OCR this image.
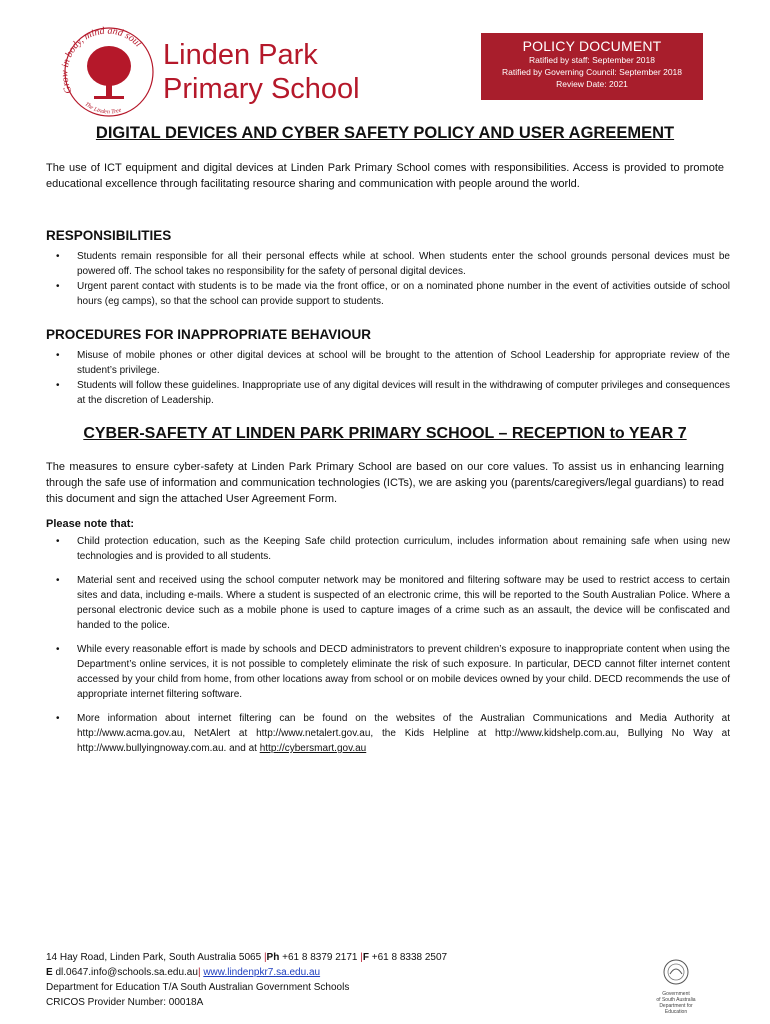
Grow in body, mind and soul
The Linden Tree
Linden Park
Primary School
POLICY DOCUMENT
Ratified by staff: September 2018
Ratified by Governing Council: September 2018
Review Date: 2021
DIGITAL DEVICES AND CYBER SAFETY POLICY AND USER AGREEMENT

The use of ICT equipment and digital devices at Linden Park Primary School comes with responsibilities. Access is provided to promote educational excellence through facilitating resource sharing and communication with people around the world.

RESPONSIBILITIES
• Students remain responsible for all their personal effects while at school. When students enter the school grounds personal devices must be powered off. The school takes no responsibility for the safety of personal digital devices.
• Urgent parent contact with students is to be made via the front office, or on a nominated phone number in the event of activities outside of school hours (eg camps), so that the school can provide support to students.
PROCEDURES FOR INAPPROPRIATE BEHAVIOUR
• Misuse of mobile phones or other digital devices at school will be brought to the attention of School Leadership for appropriate review of the student’s privilege.
• Students will follow these guidelines. Inappropriate use of any digital devices will result in the withdrawing of computer privileges and consequences at the discretion of Leadership.
CYBER-SAFETY AT LINDEN PARK PRIMARY SCHOOL – RECEPTION to YEAR 7

The measures to ensure cyber-safety at Linden Park Primary School are based on our core values. To assist us in enhancing learning through the safe use of information and communication technologies (ICTs), we are asking you (parents/caregivers/legal guardians) to read this document and sign the attached User Agreement Form.

Please note that:

• Child protection education, such as the Keeping Safe child protection curriculum, includes information about remaining safe when using new technologies and is provided to all students.
• Material sent and received using the school computer network may be monitored and filtering software may be used to restrict access to certain sites and data, including e-mails. Where a student is suspected of an electronic crime, this will be reported to the South Australian Police. Where a personal electronic device such as a mobile phone is used to capture images of a crime such as an assault, the device will be confiscated and handed to the police.
• While every reasonable effort is made by schools and DECD administrators to prevent children’s exposure to inappropriate content when using the Department’s online services, it is not possible to completely eliminate the risk of such exposure. In particular, DECD cannot filter internet content accessed by your child from home, from other locations away from school or on mobile devices owned by your child. DECD recommends the use of appropriate internet filtering software.
• More information about internet filtering can be found on the websites of the Australian Communications and Media Authority at http://www.acma.gov.au, NetAlert at http://www.netalert.gov.au, the Kids Helpline at http://www.kidshelp.com.au, Bullying No Way at http://www.bullyingnoway.com.au. and at http://cybersmart.gov.au
14 Hay Road, Linden Park, South Australia 5065 |Ph +61 8 8379 2171 |F +61 8 8338 2507
E dl.0647.info@schools.sa.edu.au| www.lindenpkr7.sa.edu.au
Department for Education T/A South Australian Government Schools
CRICOS Provider Number: 00018A
Government
of South Australia
Department for Education
